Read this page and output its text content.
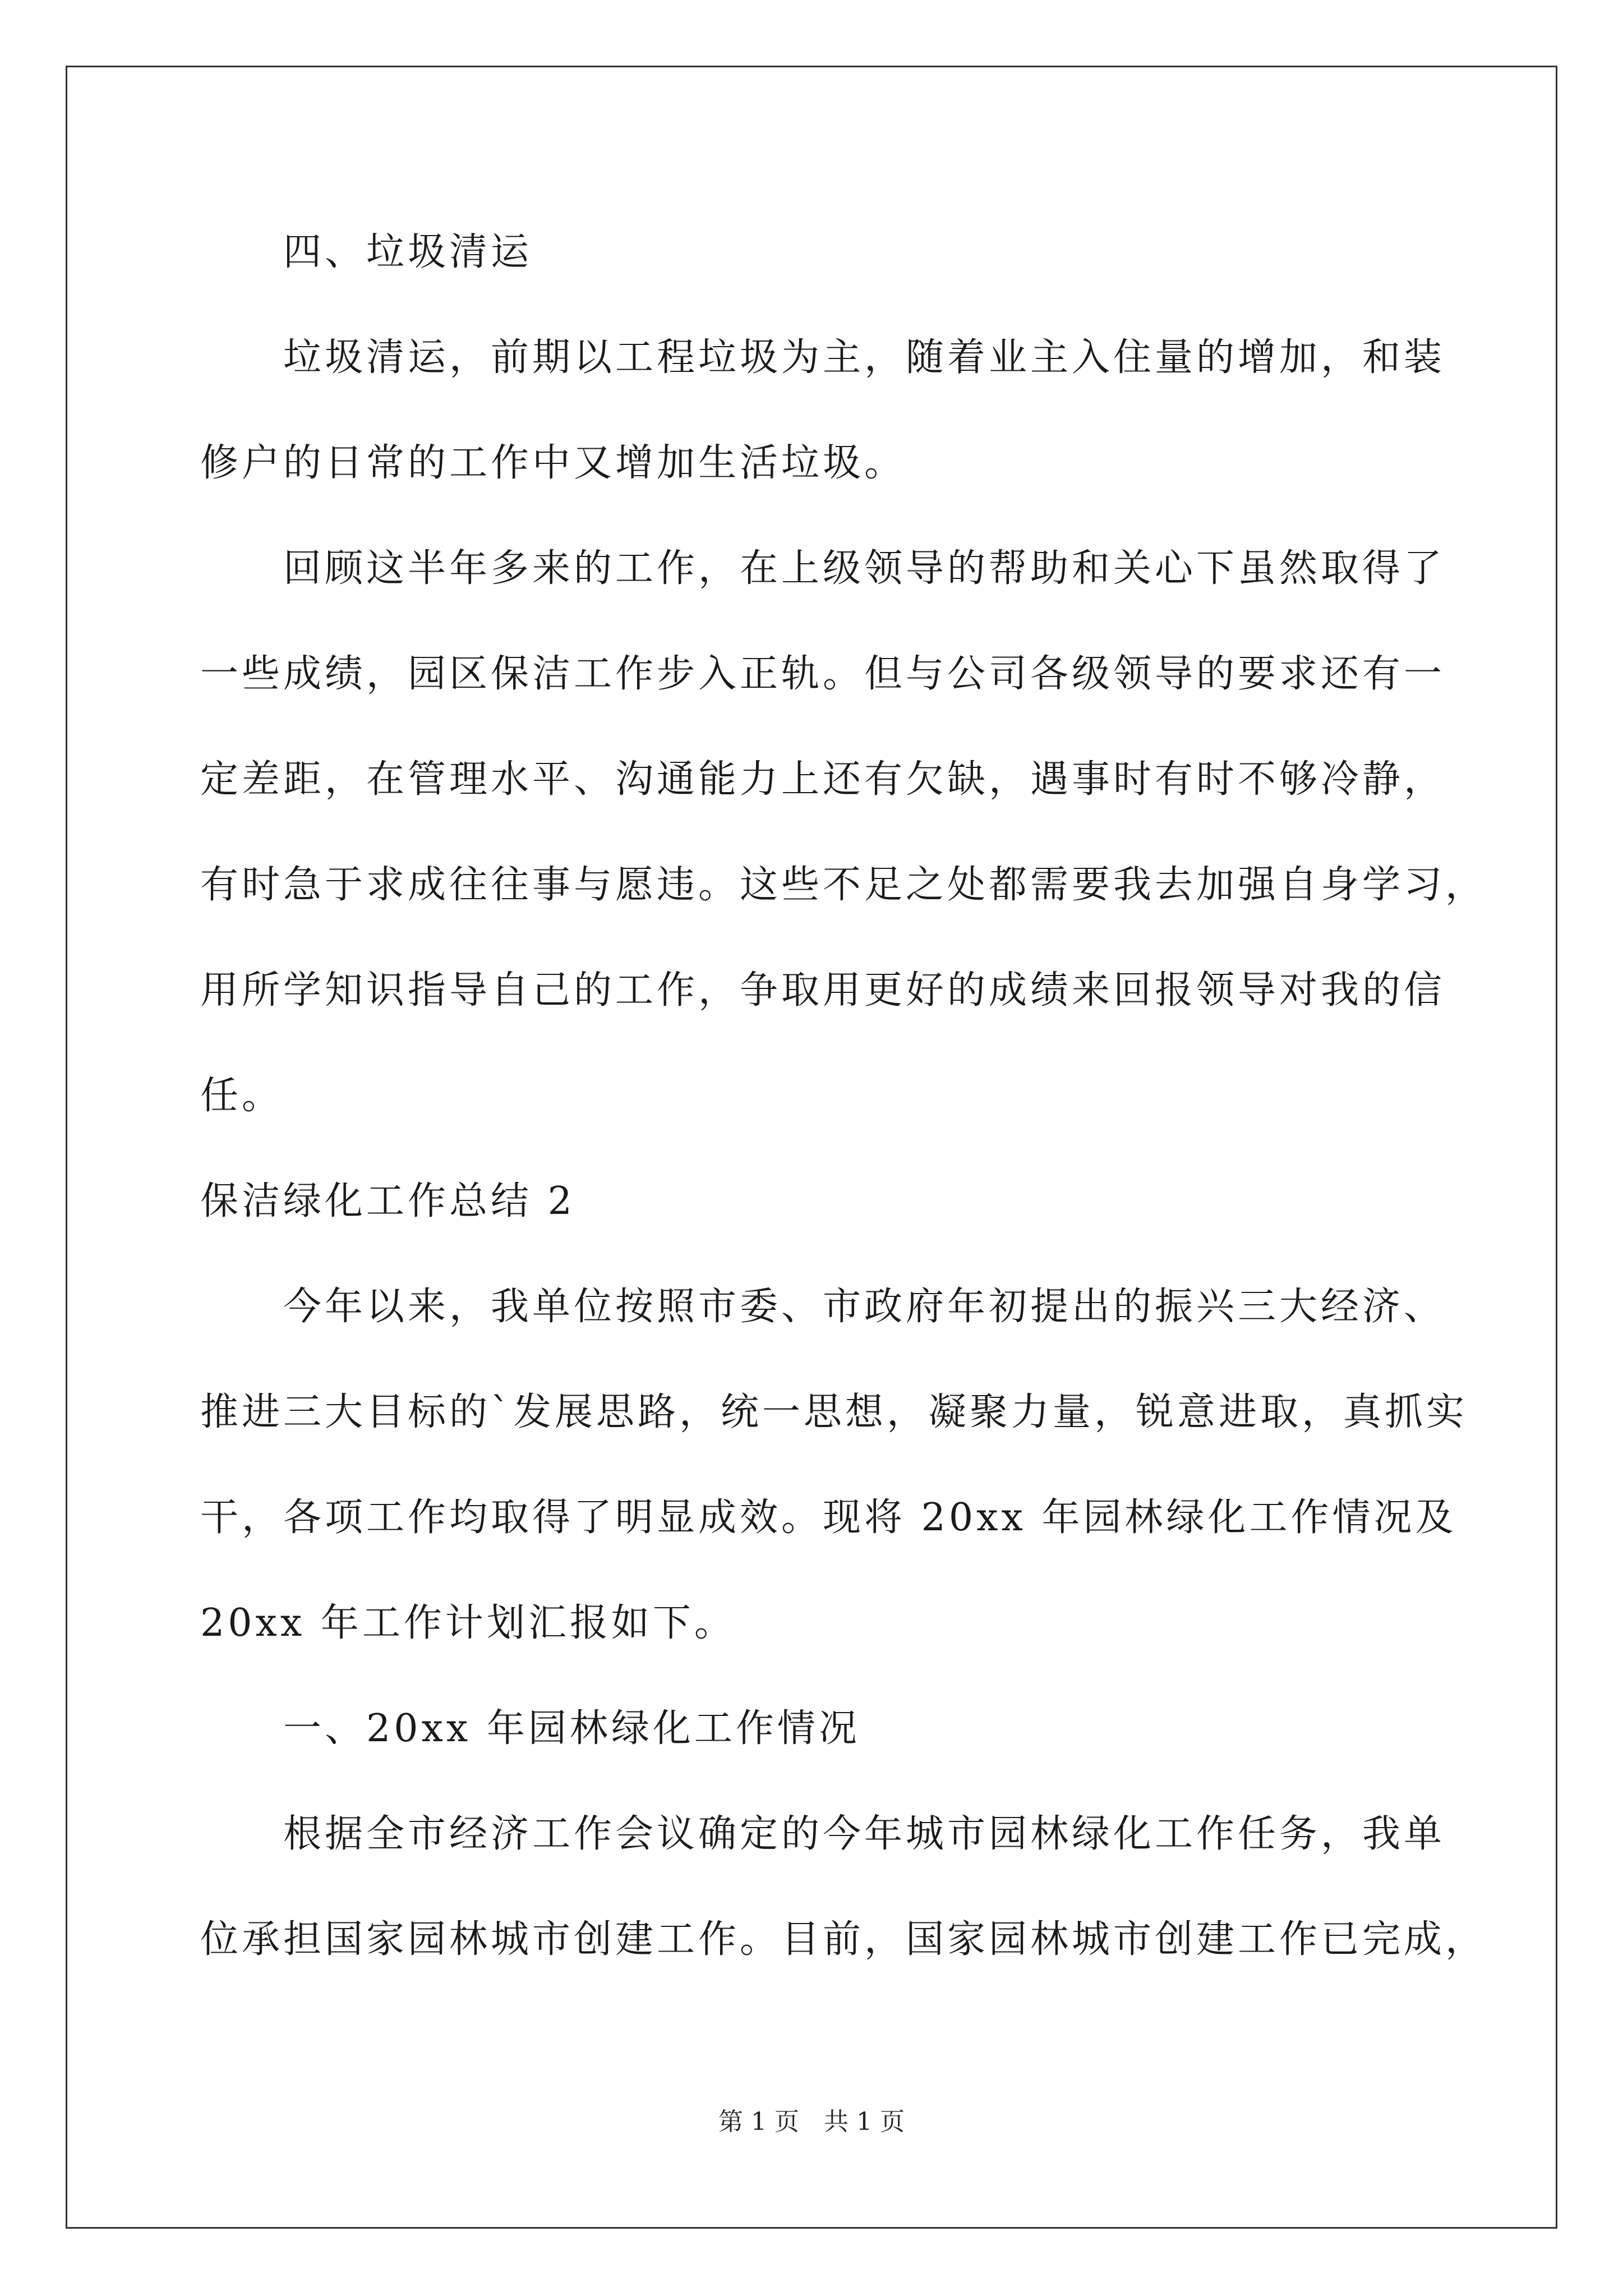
　　四、垃圾清运
　　垃圾清运，前期以工程垃圾为主，随着业主入住量的增加，和装
修户的日常的工作中又增加生活垃圾。
　　回顾这半年多来的工作，在上级领导的帮助和关心下虽然取得了
一些成绩，园区保洁工作步入正轨。但与公司各级领导的要求还有一
定差距，在管理水平、沟通能力上还有欠缺，遇事时有时不够冷静，
有时急于求成往往事与愿违。这些不足之处都需要我去加强自身学习，
用所学知识指导自己的工作，争取用更好的成绩来回报领导对我的信
任。
保洁绿化工作总结 2
　　今年以来，我单位按照市委、市政府年初提出的振兴三大经济、
推进三大目标的`发展思路，统一思想，凝聚力量，锐意进取，真抓实
干，各项工作均取得了明显成效。现将 20xx 年园林绿化工作情况及
20xx 年工作计划汇报如下。
　　一、20xx 年园林绿化工作情况
　　根据全市经济工作会议确定的今年城市园林绿化工作任务，我单
位承担国家园林城市创建工作。目前，国家园林城市创建工作已完成，
第 1 页　共 1 页
